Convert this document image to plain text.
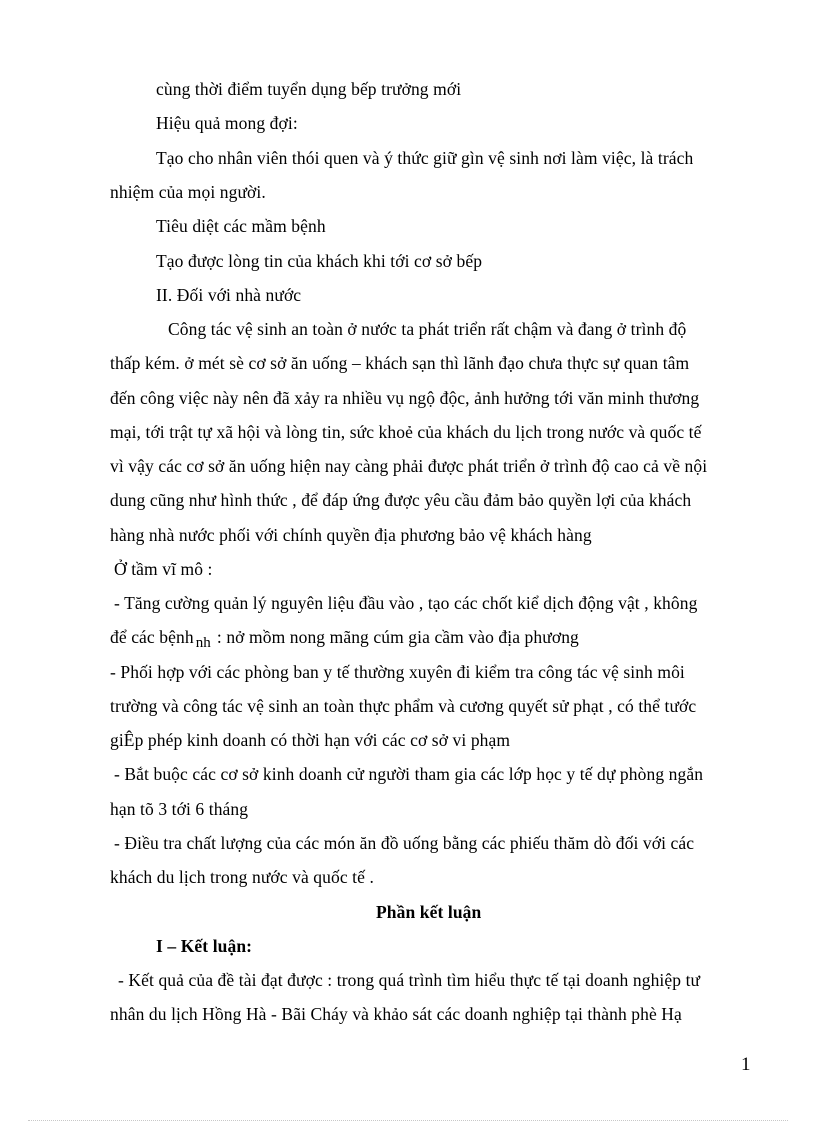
cùng thời điểm tuyển dụng bếp trưởng mới
Hiệu quả mong đợi:
Tạo cho nhân viên thói quen và ý thức giữ gìn vệ sinh nơi làm việc, là trách
nhiệm của mọi người.
Tiêu diệt các mầm bệnh
Tạo được lòng tin của khách khi tới cơ sở bếp
II. Đối với nhà nước
Công tác vệ sinh an toàn ở nước ta phát triển rất chậm và đang ở trình độ
thấp kém. ở mét sè cơ sở ăn uống – khách sạn thì lãnh đạo chưa thực sự quan tâm
đến công việc này nên đã xảy ra nhiều vụ ngộ độc, ảnh hưởng tới văn minh thương
mại, tới trật tự xã hội và lòng tin, sức khoẻ của khách du lịch trong nước và quốc tế
vì vậy các cơ sở ăn uống hiện nay càng phải được phát triển ở trình độ cao cả về nội
dung cũng như hình thức , để đáp ứng được yêu cầu đảm bảo quyền lợi của khách
hàng nhà nước phối với chính quyền địa phương bảo vệ khách hàng
Ở tầm vĩ mô :
- Tăng cường quản lý nguyên liệu đầu vào , tạo các chốt kiể dịch động vật , không
để các bệnh nh : nở mồm nong mãng cúm gia cầm vào địa phương
- Phối hợp với các phòng ban y tế thường xuyên đi kiểm tra công tác vệ sinh môi
trường và công tác vệ sinh an toàn thực phẩm và cương quyết sử phạt , có thể tước
giÊp phép kinh doanh có thời hạn với các cơ sở vi phạm
- Bắt buộc các cơ sở kinh doanh cử người tham gia các lớp học y tế dự phòng ngắn
hạn tõ 3 tới 6 tháng
- Điều tra chất lượng của các món ăn đồ uống bằng các phiếu thăm dò đối với các
khách du lịch trong nước và quốc tế .
Phần kết luận
I – Kết luận:
- Kết quả của đề tài đạt được : trong quá trình tìm hiểu thực tế tại doanh nghiệp tư
nhân du lịch Hồng Hà - Bãi Cháy và khảo sát các doanh nghiệp tại thành phè Hạ
1
